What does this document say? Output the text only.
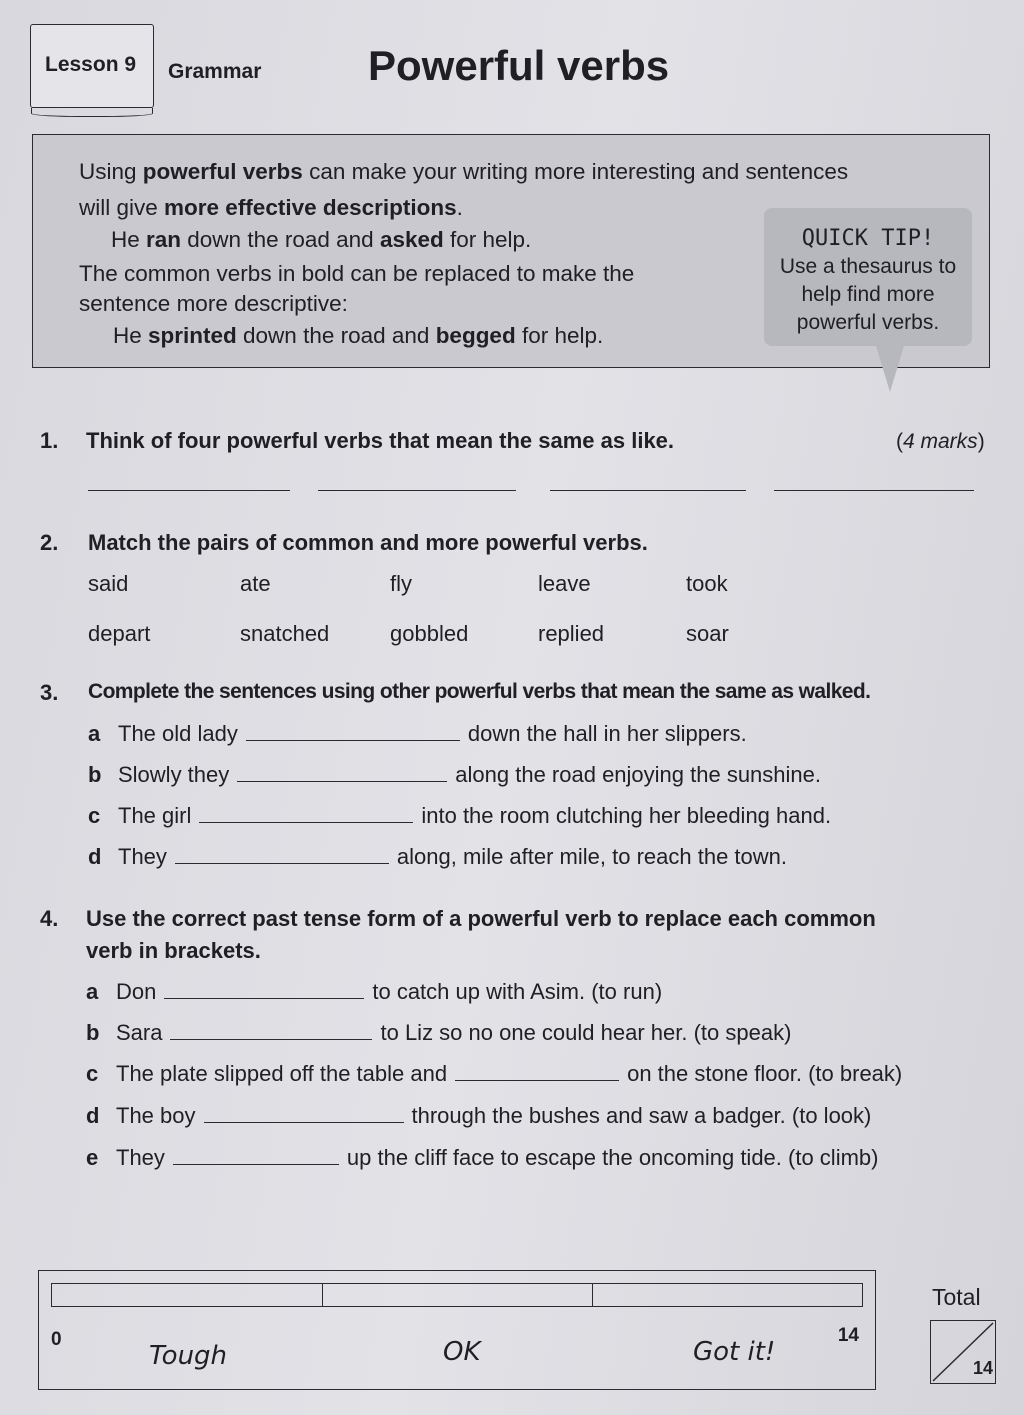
Lesson 9 Grammar	Powerful verbs

Using powerful verbs can make your writing more interesting and sentences

will give more effective descriptions.

He ran down the road and asked for help.

The common verbs in bold can be replaced to make the

sentence more descriptive:

He sprinted down the road and begged for help.

QUICK TIP!
Use a thesaurus to help find more powerful verbs.
1. Think of four powerful verbs that mean the same as like.	(4 marks)
2. Match the pairs of common and more powerful verbs.
said	ate	fly	leave	took
depart	snatched	gobbled	replied	soar
3. Complete the sentences using other powerful verbs that mean the same as walked.
a The old lady	down the hall in her slippers.
b Slowly they	along the road enjoying the sunshine.
c The girl	into the room clutching her bleeding hand.
d They	along, mile after mile, to reach the town.
4. Use the correct past tense form of a powerful verb to replace each common
verb in brackets.
a Don	to catch up with Asim. (to run)
b Sara	to Liz so no one could hear her. (to speak)
c The plate slipped off the table and	on the stone floor. (to break)
d The boy	through the bushes and saw a badger. (to look)
e They	up the cliff face to escape the oncoming tide. (to climb)
0	14
Tough	OK	Got it!
Total
14
